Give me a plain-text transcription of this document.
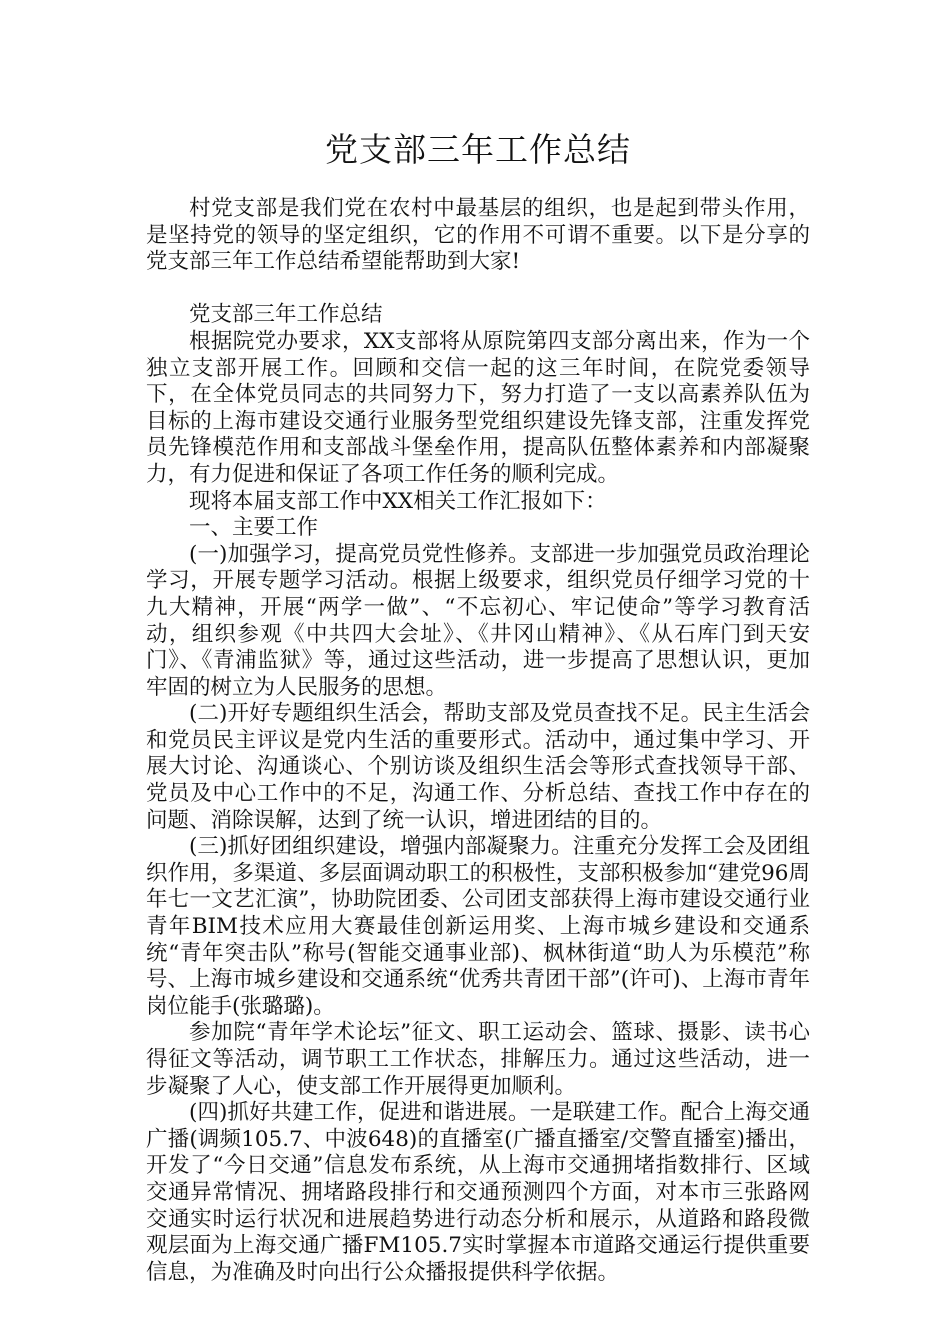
党支部三年工作总结

村党支部是我们党在农村中最基层的组织，也是起到带头作用，是坚持党的领导的坚定组织，它的作用不可谓不重要。以下是分享的党支部三年工作总结希望能帮助到大家!

党支部三年工作总结

根据院党办要求，XX支部将从原院第四支部分离出来，作为一个独立支部开展工作。回顾和交信一起的这三年时间，在院党委领导下，在全体党员同志的共同努力下，努力打造了一支以高素养队伍为目标的上海市建设交通行业服务型党组织建设先锋支部，注重发挥党员先锋模范作用和支部战斗堡垒作用，提高队伍整体素养和内部凝聚力，有力促进和保证了各项工作任务的顺利完成。

现将本届支部工作中XX相关工作汇报如下：

一、主要工作

(一)加强学习，提高党员党性修养。支部进一步加强党员政治理论学习，开展专题学习活动。根据上级要求，组织党员仔细学习党的十九大精神，开展“两学一做”、“不忘初心、牢记使命”等学习教育活动，组织参观《中共四大会址》、《井冈山精神》、《从石库门到天安门》、《青浦监狱》等，通过这些活动，进一步提高了思想认识，更加牢固的树立为人民服务的思想。

(二)开好专题组织生活会，帮助支部及党员查找不足。民主生活会和党员民主评议是党内生活的重要形式。活动中，通过集中学习、开展大讨论、沟通谈心、个别访谈及组织生活会等形式查找领导干部、党员及中心工作中的不足，沟通工作、分析总结、查找工作中存在的问题、消除误解，达到了统一认识，增进团结的目的。

(三)抓好团组织建设，增强内部凝聚力。注重充分发挥工会及团组织作用，多渠道、多层面调动职工的积极性，支部积极参加“建党96周年七一文艺汇演”，协助院团委、公司团支部获得上海市建设交通行业青年BIM技术应用大赛最佳创新运用奖、上海市城乡建设和交通系统“青年突击队”称号(智能交通事业部)、枫林街道“助人为乐模范”称号、上海市城乡建设和交通系统“优秀共青团干部”(许可)、上海市青年岗位能手(张璐璐)。

参加院“青年学术论坛”征文、职工运动会、篮球、摄影、读书心得征文等活动，调节职工工作状态，排解压力。通过这些活动，进一步凝聚了人心，使支部工作开展得更加顺利。

(四)抓好共建工作，促进和谐进展。一是联建工作。配合上海交通广播(调频105.7、中波648)的直播室(广播直播室/交警直播室)播出，开发了“今日交通”信息发布系统，从上海市交通拥堵指数排行、区域交通异常情况、拥堵路段排行和交通预测四个方面，对本市三张路网交通实时运行状况和进展趋势进行动态分析和展示，从道路和路段微观层面为上海交通广播FM105.7实时掌握本市道路交通运行提供重要信息，为准确及时向出行公众播报提供科学依据。
